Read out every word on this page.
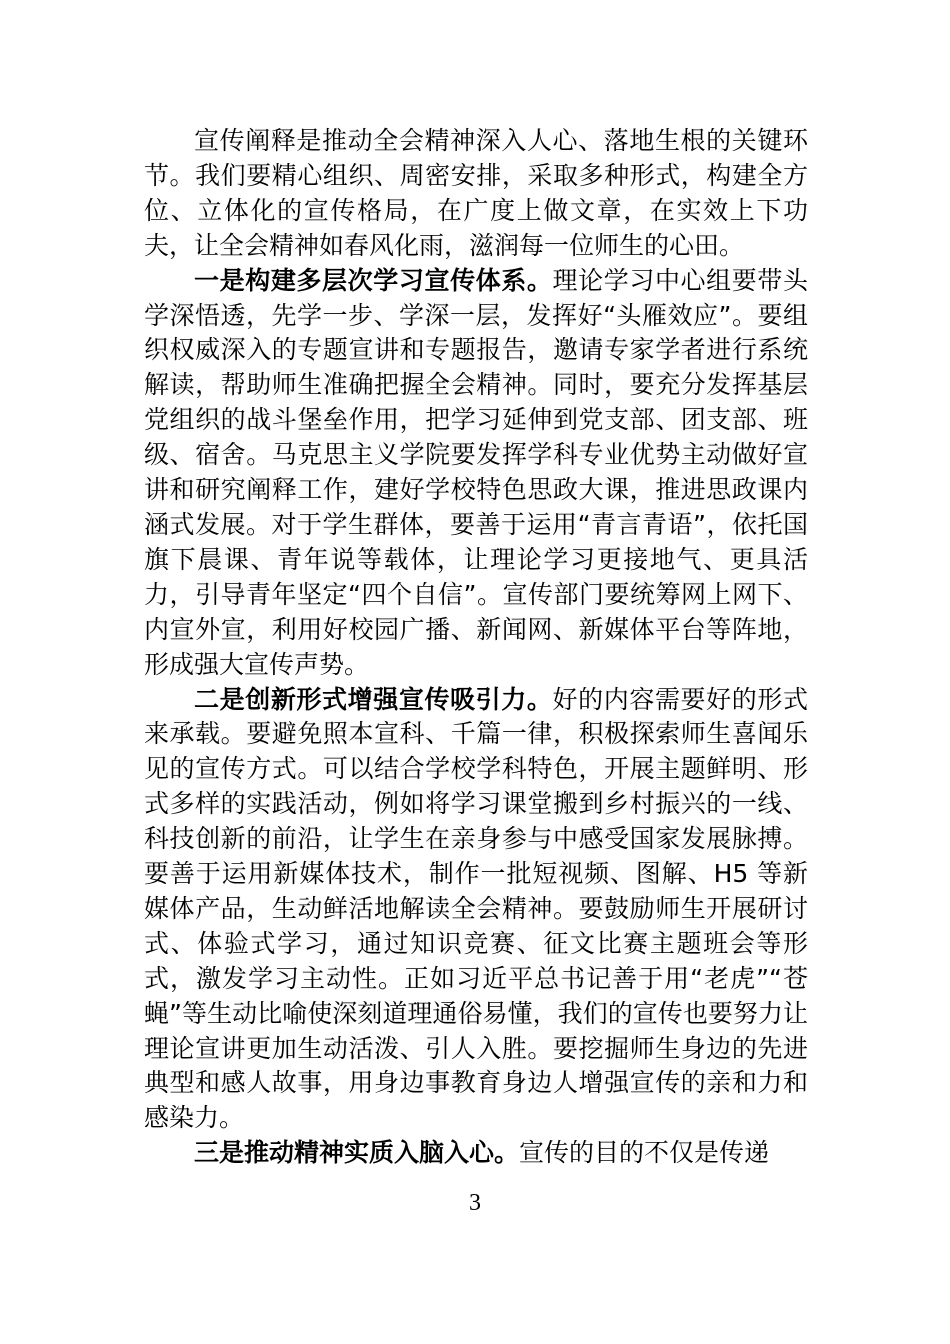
宣传阐释是推动全会精神深入人心、落地生根的关键环节。我们要精心组织、周密安排，采取多种形式，构建全方位、立体化的宣传格局，在广度上做文章，在实效上下功夫，让全会精神如春风化雨，滋润每一位师生的心田。

一是构建多层次学习宣传体系。理论学习中心组要带头学深悟透，先学一步、学深一层，发挥好“头雁效应”。要组织权威深入的专题宣讲和专题报告，邀请专家学者进行系统解读，帮助师生准确把握全会精神。同时，要充分发挥基层党组织的战斗堡垒作用，把学习延伸到党支部、团支部、班级、宿舍。马克思主义学院要发挥学科专业优势主动做好宣讲和研究阐释工作，建好学校特色思政大课，推进思政课内涵式发展。对于学生群体，要善于运用“青言青语”，依托国旗下晨课、青年说等载体，让理论学习更接地气、更具活力，引导青年坚定“四个自信”。宣传部门要统筹网上网下、内宣外宣，利用好校园广播、新闻网、新媒体平台等阵地，形成强大宣传声势。

二是创新形式增强宣传吸引力。好的内容需要好的形式来承载。要避免照本宣科、千篇一律，积极探索师生喜闻乐见的宣传方式。可以结合学校学科特色，开展主题鲜明、形式多样的实践活动，例如将学习课堂搬到乡村振兴的一线、科技创新的前沿，让学生在亲身参与中感受国家发展脉搏。要善于运用新媒体技术，制作一批短视频、图解、H5 等新媒体产品，生动鲜活地解读全会精神。要鼓励师生开展研讨式、体验式学习，通过知识竞赛、征文比赛主题班会等形式，激发学习主动性。正如习近平总书记善于用“老虎”“苍蝇”等生动比喻使深刻道理通俗易懂，我们的宣传也要努力让理论宣讲更加生动活泼、引人入胜。要挖掘师生身边的先进典型和感人故事，用身边事教育身边人增强宣传的亲和力和感染力。

三是推动精神实质入脑入心。宣传的目的不仅是传递

3
